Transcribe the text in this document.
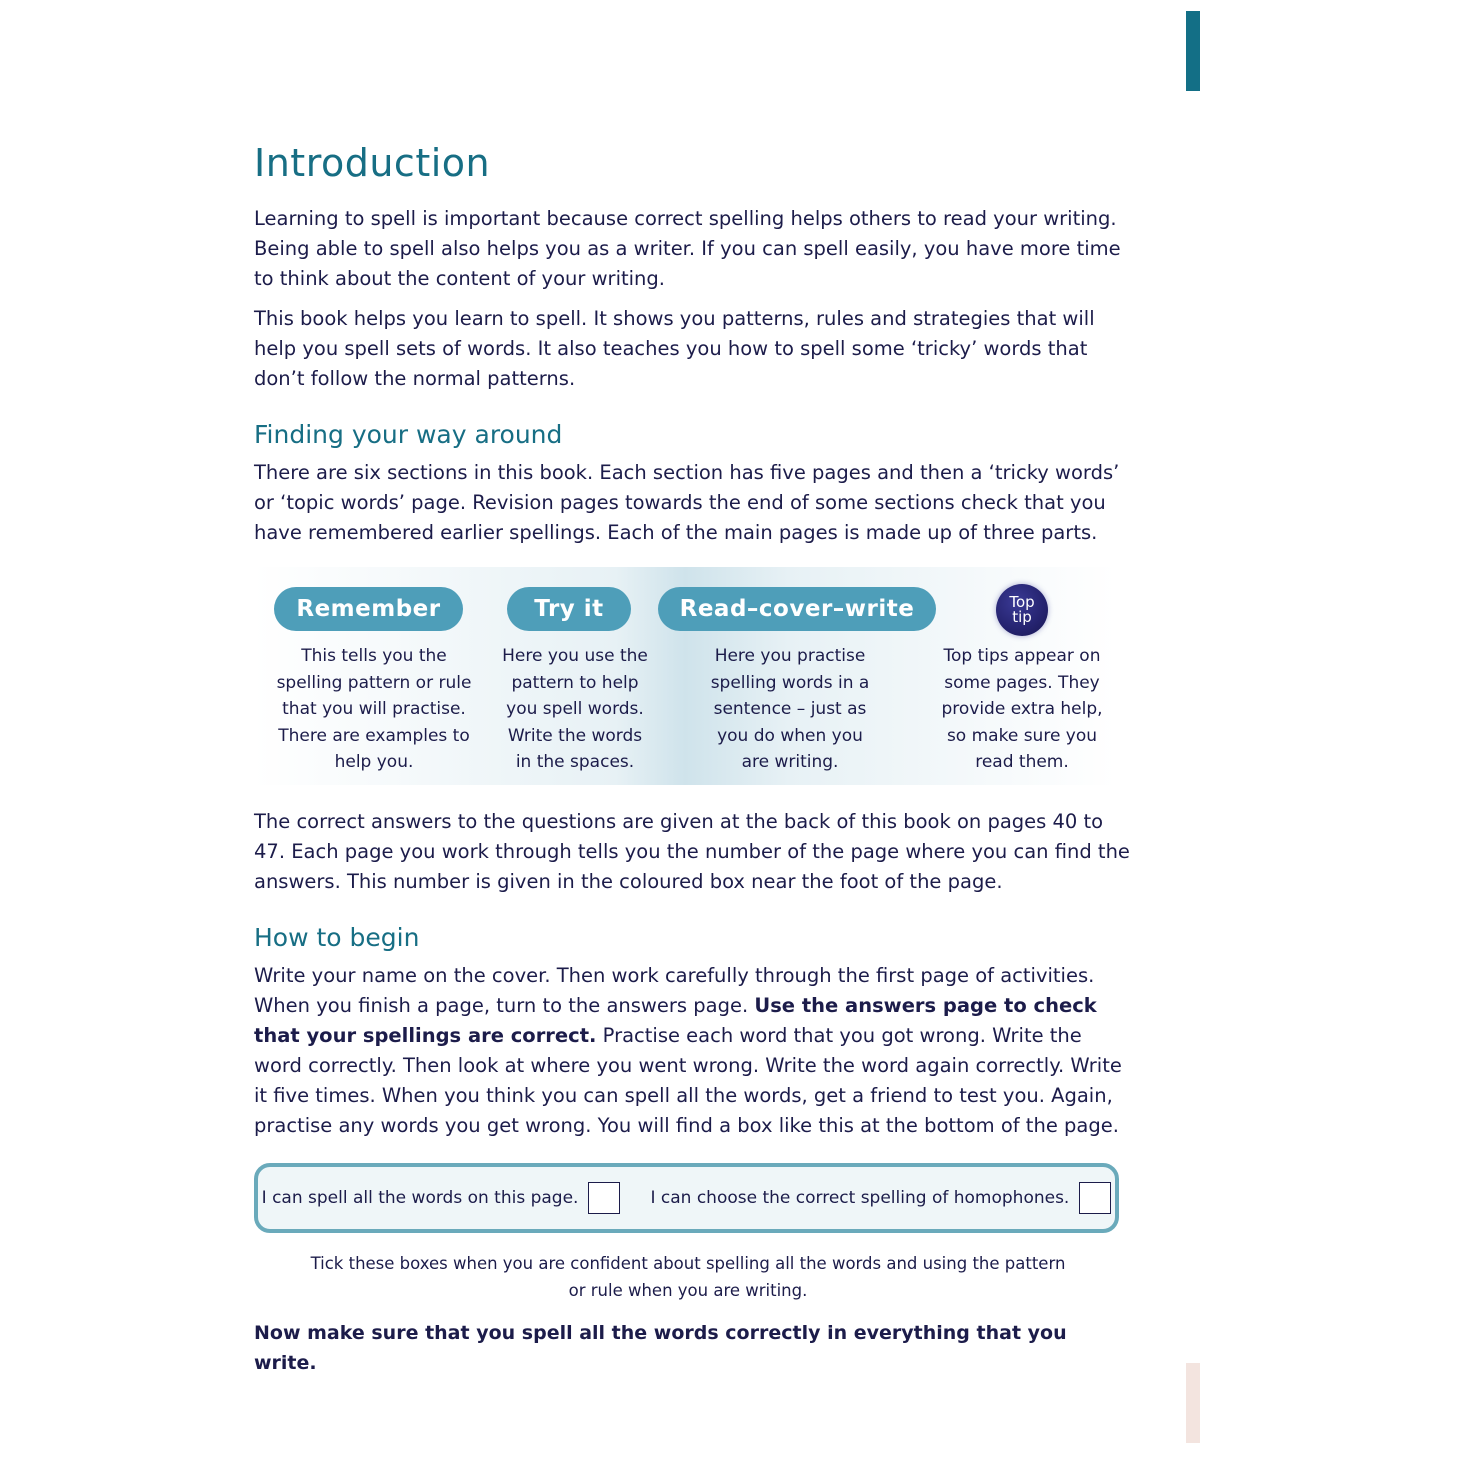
Introduction

Learning to spell is important because correct spelling helps others to read your writing. Being able to spell also helps you as a writer. If you can spell easily, you have more time to think about the content of your writing.

This book helps you learn to spell. It shows you patterns, rules and strategies that will help you spell sets of words. It also teaches you how to spell some ‘tricky’ words that don’t follow the normal patterns.

Finding your way around

There are six sections in this book. Each section has five pages and then a ‘tricky words’ or ‘topic words’ page. Revision pages towards the end of some sections check that you have remembered earlier spellings. Each of the main pages is made up of three parts.

Remember
This tells you the
spelling pattern or rule
that you will practise.
There are examples to
help you.
Try it
Here you use the
pattern to help
you spell words.
Write the words
in the spaces.
Read–cover–write
Here you practise
spelling words in a
sentence – just as
you do when you
are writing.
Top
tip
Top tips appear on
some pages. They
provide extra help,
so make sure you
read them.

The correct answers to the questions are given at the back of this book on pages 40 to 47. Each page you work through tells you the number of the page where you can find the answers. This number is given in the coloured box near the foot of the page.

How to begin

Write your name on the cover. Then work carefully through the first page of activities. When you finish a page, turn to the answers page. Use the answers page to check that your spellings are correct. Practise each word that you got wrong. Write the word correctly. Then look at where you went wrong. Write the word again correctly. Write it five times. When you think you can spell all the words, get a friend to test you. Again, practise any words you get wrong. You will find a box like this at the bottom of the page.

I can spell all the words on this page.	I can choose the correct spelling of homophones.
Tick these boxes when you are confident about spelling all the words and using the pattern
or rule when you are writing.

Now make sure that you spell all the words correctly in everything that you write.
